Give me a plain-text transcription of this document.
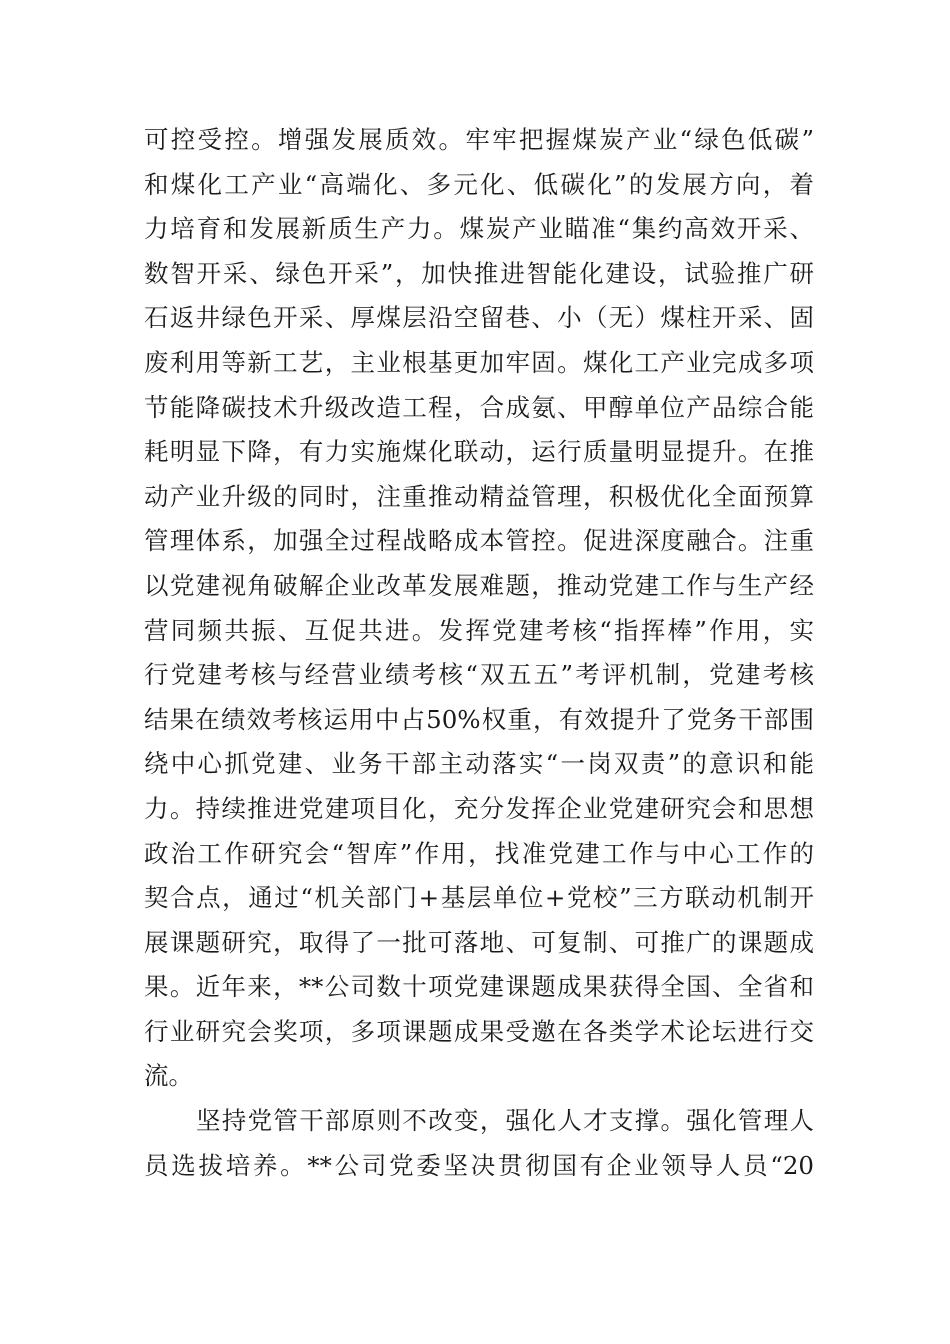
可控受控。增强发展质效。牢牢把握煤炭产业“绿色低碳”
和煤化工产业“高端化、多元化、低碳化”的发展方向，着
力培育和发展新质生产力。煤炭产业瞄准“集约高效开采、
数智开采、绿色开采”，加快推进智能化建设，试验推广研
石返井绿色开采、厚煤层沿空留巷、小（无）煤柱开采、固
废利用等新工艺，主业根基更加牢固。煤化工产业完成多项
节能降碳技术升级改造工程，合成氨、甲醇单位产品综合能
耗明显下降，有力实施煤化联动，运行质量明显提升。在推
动产业升级的同时，注重推动精益管理，积极优化全面预算
管理体系，加强全过程战略成本管控。促进深度融合。注重
以党建视角破解企业改革发展难题，推动党建工作与生产经
营同频共振、互促共进。发挥党建考核“指挥棒”作用，实
行党建考核与经营业绩考核“双五五”考评机制，党建考核
结果在绩效考核运用中占50%权重，有效提升了党务干部围
绕中心抓党建、业务干部主动落实“一岗双责”的意识和能
力。持续推进党建项目化，充分发挥企业党建研究会和思想
政治工作研究会“智库”作用，找准党建工作与中心工作的
契合点，通过“机关部门+基层单位+党校”三方联动机制开
展课题研究，取得了一批可落地、可复制、可推广的课题成
果。近年来，**公司数十项党建课题成果获得全国、全省和
行业研究会奖项，多项课题成果受邀在各类学术论坛进行交
流。
坚持党管干部原则不改变，强化人才支撑。强化管理人
员选拔培养。**公司党委坚决贯彻国有企业领导人员“20
